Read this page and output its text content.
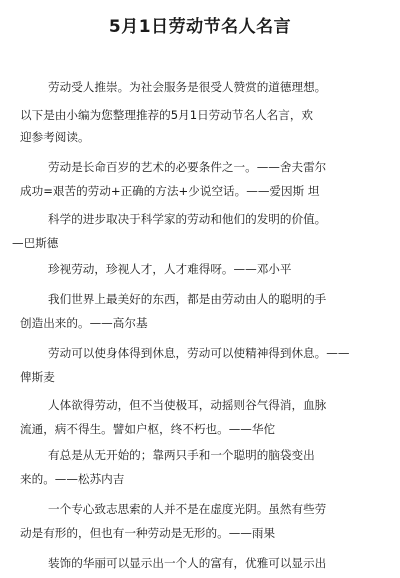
5月1日劳动节名人名言
劳动受人推崇。为社会服务是很受人赞赏的道德理想。
以下是由小编为您整理推荐的5月1日劳动节名人名言，欢
迎参考阅读。
劳动是长命百岁的艺术的必要条件之一。——舍夫雷尔
成功=艰苦的劳动+正确的方法+少说空话。——爱因斯 坦
科学的进步取决于科学家的劳动和他们的发明的价值。
—巴斯德
珍视劳动，珍视人才，人才难得呀。——邓小平
我们世界上最美好的东西，都是由劳动由人的聪明的手
创造出来的。——高尔基
劳动可以使身体得到休息，劳动可以使精神得到休息。——
俾斯麦
人体欲得劳动，但不当使极耳，动摇则谷气得消，血脉
流通，病不得生。譬如户枢，终不朽也。——华佗
有总是从无开始的；靠两只手和一个聪明的脑袋变出
来的。——松苏内吉
一个专心致志思索的人并不是在虚度光阴。虽然有些劳
动是有形的，但也有一种劳动是无形的。——雨果
装饰的华丽可以显示出一个人的富有，优雅可以显示出
